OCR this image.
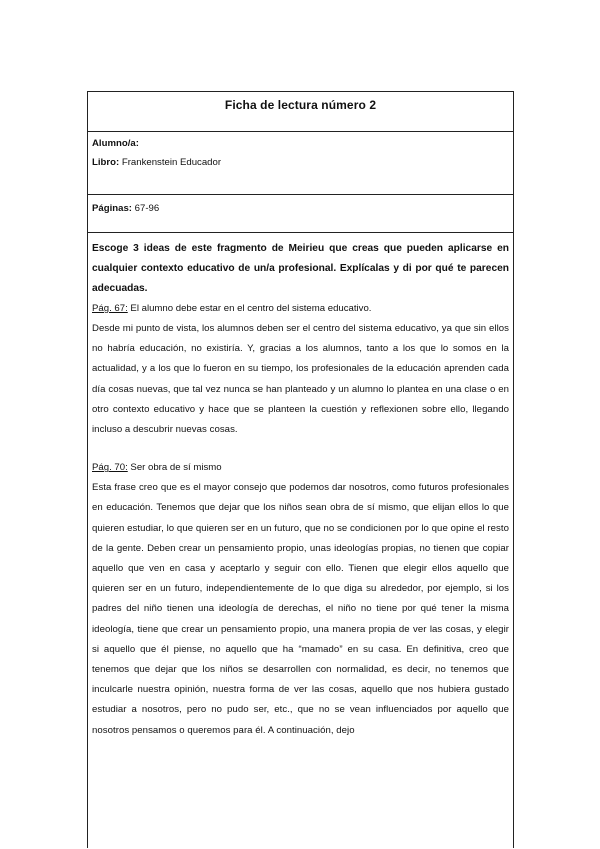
Ficha de lectura número 2
Alumno/a:
Libro: Frankenstein Educador
Páginas: 67-96

Escoge 3 ideas de este fragmento de Meirieu que creas que pueden aplicarse en cualquier contexto educativo de un/a profesional. Explícalas y di por qué te parecen adecuadas.

Pág. 67: El alumno debe estar en el centro del sistema educativo.

Desde mi punto de vista, los alumnos deben ser el centro del sistema educativo, ya que sin ellos no habría educación, no existiría. Y, gracias a los alumnos, tanto a los que lo somos en la actualidad, y a los que lo fueron en su tiempo, los profesionales de la educación aprenden cada día cosas nuevas, que tal vez nunca se han planteado y un alumno lo plantea en una clase o en otro contexto educativo y hace que se planteen la cuestión y reflexionen sobre ello, llegando incluso a descubrir nuevas cosas.

Pág. 70: Ser obra de sí mismo

Esta frase creo que es el mayor consejo que podemos dar nosotros, como futuros profesionales en educación. Tenemos que dejar que los niños sean obra de sí mismo, que elijan ellos lo que quieren estudiar, lo que quieren ser en un futuro, que no se condicionen por lo que opine el resto de la gente. Deben crear un pensamiento propio, unas ideologías propias, no tienen que copiar aquello que ven en casa y aceptarlo y seguir con ello. Tienen que elegir ellos aquello que quieren ser en un futuro, independientemente de lo que diga su alrededor, por ejemplo, si los padres del niño tienen una ideología de derechas, el niño no tiene por qué tener la misma ideología, tiene que crear un pensamiento propio, una manera propia de ver las cosas, y elegir si aquello que él piense, no aquello que ha “mamado” en su casa. En definitiva, creo que tenemos que dejar que los niños se desarrollen con normalidad, es decir, no tenemos que inculcarle nuestra opinión, nuestra forma de ver las cosas, aquello que nos hubiera gustado estudiar a nosotros, pero no pudo ser, etc., que no se vean influenciados por aquello que nosotros pensamos o queremos para él. A continuación, dejo
